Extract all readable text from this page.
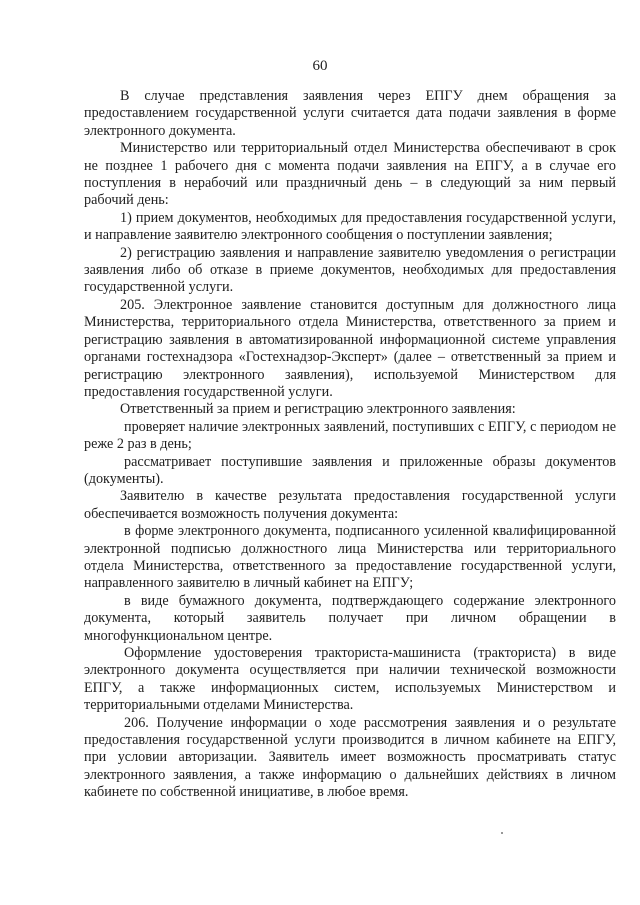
60

В случае представления заявления через ЕПГУ днем обращения за предоставлением государственной услуги считается дата подачи заявления в форме электронного документа.

Министерство или территориальный отдел Министерства обеспечивают в срок не позднее 1 рабочего дня с момента подачи заявления на ЕПГУ, а в случае его поступления в нерабочий или праздничный день – в следующий за ним первый рабочий день:

1) прием документов, необходимых для предоставления государственной услуги, и направление заявителю электронного сообщения о поступлении заявления;

2) регистрацию заявления и направление заявителю уведомления о регистрации заявления либо об отказе в приеме документов, необходимых для предоставления государственной услуги.

205. Электронное заявление становится доступным для должностного лица Министерства, территориального отдела Министерства, ответственного за прием и регистрацию заявления в автоматизированной информационной системе управления органами гостехнадзора «Гостехнадзор-Эксперт» (далее – ответственный за прием и регистрацию электронного заявления), используемой Министерством для предоставления государственной услуги.

Ответственный за прием и регистрацию электронного заявления:

проверяет наличие электронных заявлений, поступивших с ЕПГУ, с периодом не реже 2 раз в день;

рассматривает поступившие заявления и приложенные образы документов (документы).

Заявителю в качестве результата предоставления государственной услуги обеспечивается возможность получения документа:

в форме электронного документа, подписанного усиленной квалифицированной электронной подписью должностного лица Министерства или территориального отдела Министерства, ответственного за предоставление государственной услуги, направленного заявителю в личный кабинет на ЕПГУ;

в виде бумажного документа, подтверждающего содержание электронного документа, который заявитель получает при личном обращении в многофункциональном центре.

Оформление удостоверения тракториста-машиниста (тракториста) в виде электронного документа осуществляется при наличии технической возможности ЕПГУ, а также информационных систем, используемых Министерством и территориальными отделами Министерства.

206. Получение информации о ходе рассмотрения заявления и о результате предоставления государственной услуги производится в личном кабинете на ЕПГУ, при условии авторизации. Заявитель имеет возможность просматривать статус электронного заявления, а также информацию о дальнейших действиях в личном кабинете по собственной инициативе, в любое время.
